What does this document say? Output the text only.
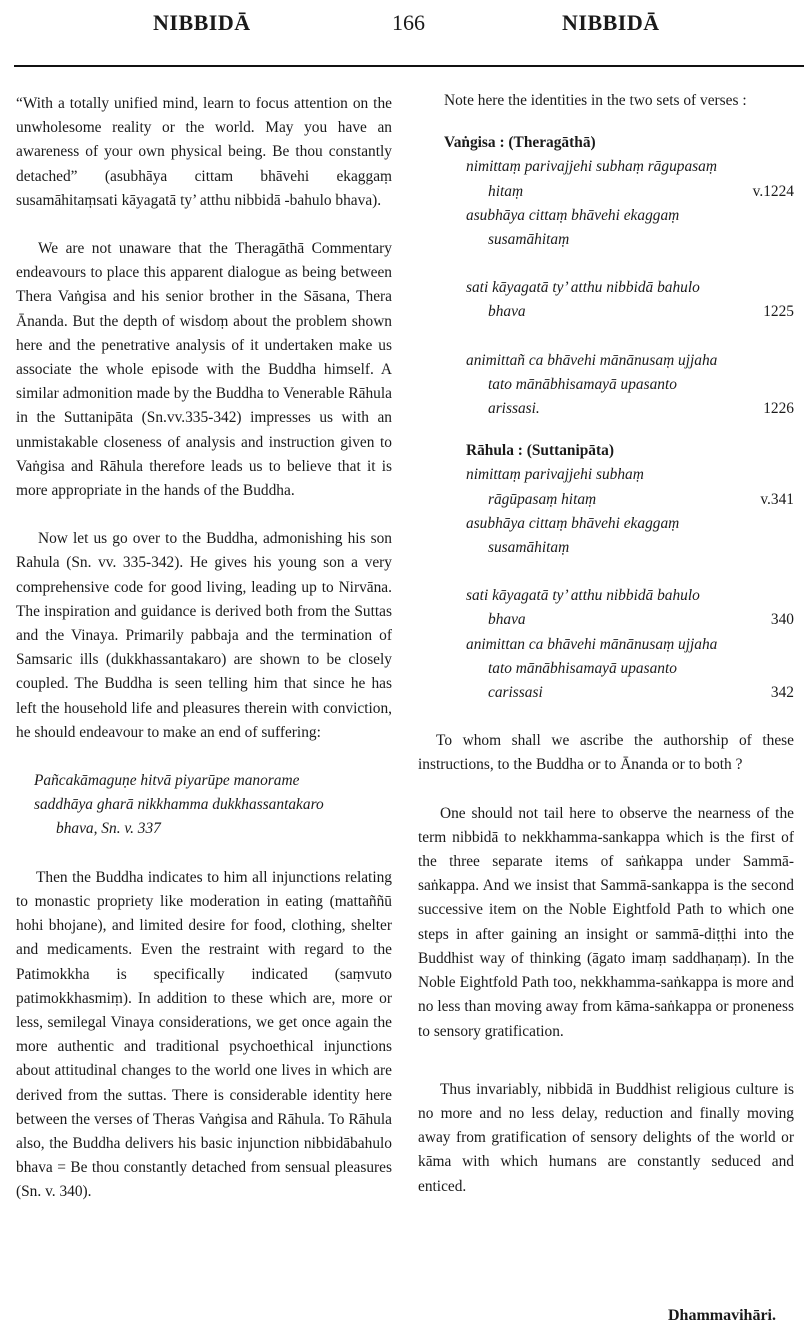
NIBBIDĀ	166	NIBBIDĀ

“With a totally unified mind, learn to focus attention on the unwholesome reality or the world. May you have an awareness of your own physical being. Be thou constantly detached” (asubhāya cittam bhāvehi ekaggaṃ susamāhitaṃsati kāyagatā ty’ atthu nibbidā -bahulo bhava).

We are not unaware that the Theragāthā Commentary endeavours to place this apparent dialogue as being between Thera Vaṅgisa and his senior brother in the Sāsana, Thera Ānanda. But the depth of wisdoṃ about the problem shown here and the penetrative analysis of it undertaken make us associate the whole episode with the Buddha himself. A similar admonition made by the Buddha to Venerable Rāhula in the Suttanipāta (Sn.vv.335-342) impresses us with an unmistakable closeness of analysis and instruction given to Vaṅgisa and Rāhula therefore leads us to believe that it is more appropriate in the hands of the Buddha.

Now let us go over to the Buddha, admonishing his son Rahula (Sn. vv. 335-342). He gives his young son a very comprehensive code for good living, leading up to Nirvāna. The inspiration and guidance is derived both from the Suttas and the Vinaya. Primarily pabbaja and the termination of Samsaric ills (dukkhassantakaro) are shown to be closely coupled. The Buddha is seen telling him that since he has left the household life and pleasures therein with conviction, he should endeavour to make an end of suffering:

Pañcakāmaguṇe hitvā piyarūpe manorame
saddhāya gharā nikkhamma dukkhassantakaro
bhava, Sn. v. 337

Then the Buddha indicates to him all injunctions relating to monastic propriety like moderation in eating (mattaññū hohi bhojane), and limited desire for food, clothing, shelter and medicaments. Even the restraint with regard to the Patimokkha is specifically indicated (saṃvuto patimokkhasmiṃ). In addition to these which are, more or less, semilegal Vinaya considerations, we get once again the more authentic and traditional psychoethical injunctions about attitudinal changes to the world one lives in which are derived from the suttas. There is considerable identity here between the verses of Theras Vaṅgisa and Rāhula. To Rāhula also, the Buddha delivers his basic injunction nibbidābahulo bhava = Be thou constantly detached from sensual pleasures (Sn. v. 340).

Note here the identities in the two sets of verses :

Vaṅgisa : (Theragāthā)

nimittaṃ parivajjehi subhaṃ rāgupasaṃ
hitaṃ	v.1224
asubhāya cittaṃ bhāvehi ekaggaṃ
susamāhitaṃ
sati kāyagatā ty’ atthu nibbidā bahulo
bhava	1225
animittañ ca bhāvehi mānānusaṃ ujjaha
tato mānābhisamayā upasanto
arissasi.	1226

Rāhula : (Suttanipāta)

nimittaṃ parivajjehi subhaṃ
rāgūpasaṃ hitaṃ	v.341
asubhāya cittaṃ bhāvehi ekaggaṃ
susamāhitaṃ
sati kāyagatā ty’ atthu nibbidā bahulo
bhava	340
animittan ca bhāvehi mānānusaṃ ujjaha
tato mānābhisamayā upasanto
carissasi	342

To whom shall we ascribe the authorship of these instructions, to the Buddha or to Ānanda or to both ?

One should not tail here to observe the nearness of the term nibbidā to nekkhamma-sankappa which is the first of the three separate items of saṅkappa under Sammā-saṅkappa. And we insist that Sammā-sankappa is the second successive item on the Noble Eightfold Path to which one steps in after gaining an insight or sammā-diṭṭhi into the Buddhist way of thinking (āgato imaṃ saddhaṇaṃ). In the Noble Eightfold Path too, nekkhamma-saṅkappa is more and no less than moving away from kāma-saṅkappa or proneness to sensory gratification.

Thus invariably, nibbidā in Buddhist religious culture is no more and no less delay, reduction and finally moving away from gratification of sensory delights of the world or kāma with which humans are constantly seduced and enticed.

Dhammavihāri.
